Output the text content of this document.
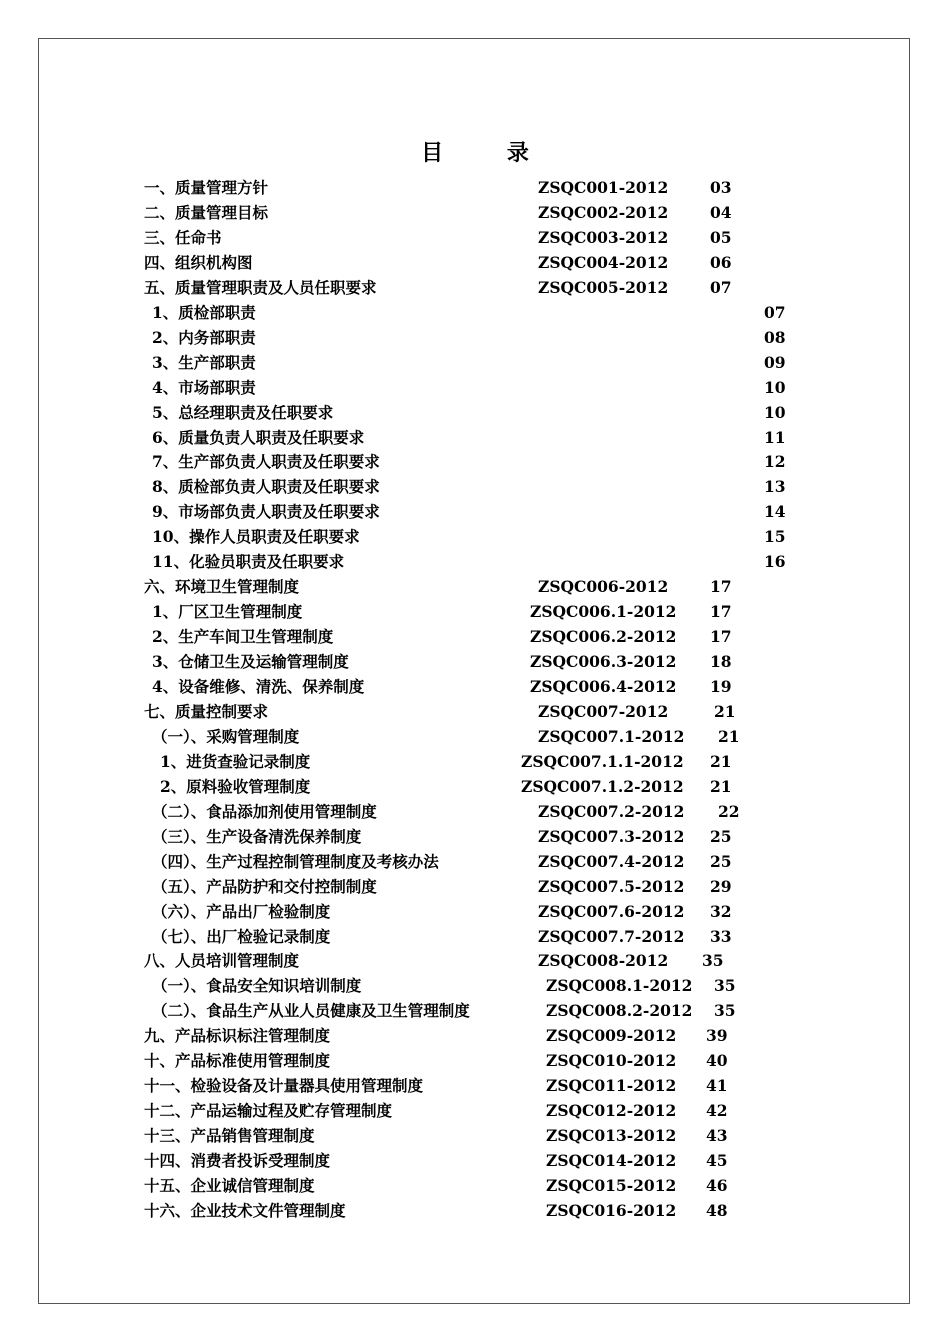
目 录
一、质量管理方针	ZSQC001-2012	03
二、质量管理目标	ZSQC002-2012	04
三、任命书	ZSQC003-2012	05
四、组织机构图	ZSQC004-2012	06
五、质量管理职责及人员任职要求	ZSQC005-2012	07
1、质检部职责	07
2、内务部职责	08
3、生产部职责	09
4、市场部职责	10
5、总经理职责及任职要求	10
6、质量负责人职责及任职要求	11
7、生产部负责人职责及任职要求	12
8、质检部负责人职责及任职要求	13
9、市场部负责人职责及任职要求	14
10、操作人员职责及任职要求	15
11、化验员职责及任职要求	16
六、环境卫生管理制度	ZSQC006-2012	17
1、厂区卫生管理制度	ZSQC006.1-2012 17
2、生产车间卫生管理制度	ZSQC006.2-2012 17
3、仓储卫生及运输管理制度	ZSQC006.3-2012 18
4、设备维修、清洗、保养制度	ZSQC006.4-2012 19
七、质量控制要求	ZSQC007-2012	21
（一）、采购管理制度	ZSQC007.1-2012 21
1、进货查验记录制度	ZSQC007.1.1-2012 21
2、原料验收管理制度	ZSQC007.1.2-2012 21
（二）、食品添加剂使用管理制度	ZSQC007.2-2012 22
（三）、生产设备清洗保养制度	ZSQC007.3-2012 25
（四）、生产过程控制管理制度及考核办法	ZSQC007.4-2012 25
（五）、产品防护和交付控制制度	ZSQC007.5-2012 29
（六）、产品出厂检验制度	ZSQC007.6-2012 32
（七）、出厂检验记录制度	ZSQC007.7-2012 33
八、人员培训管理制度	ZSQC008-2012 35
（一）、食品安全知识培训制度	ZSQC008.1-2012 35
（二）、食品生产从业人员健康及卫生管理制度	ZSQC008.2-2012 35
九、产品标识标注管理制度	ZSQC009-2012 39
十、产品标准使用管理制度	ZSQC010-2012 40
十一、检验设备及计量器具使用管理制度	ZSQC011-2012 41
十二、产品运输过程及贮存管理制度	ZSQC012-2012 42
十三、产品销售管理制度	ZSQC013-2012 43
十四、消费者投诉受理制度	ZSQC014-2012 45
十五、企业诚信管理制度	ZSQC015-2012 46
十六、企业技术文件管理制度	ZSQC016-2012 48
